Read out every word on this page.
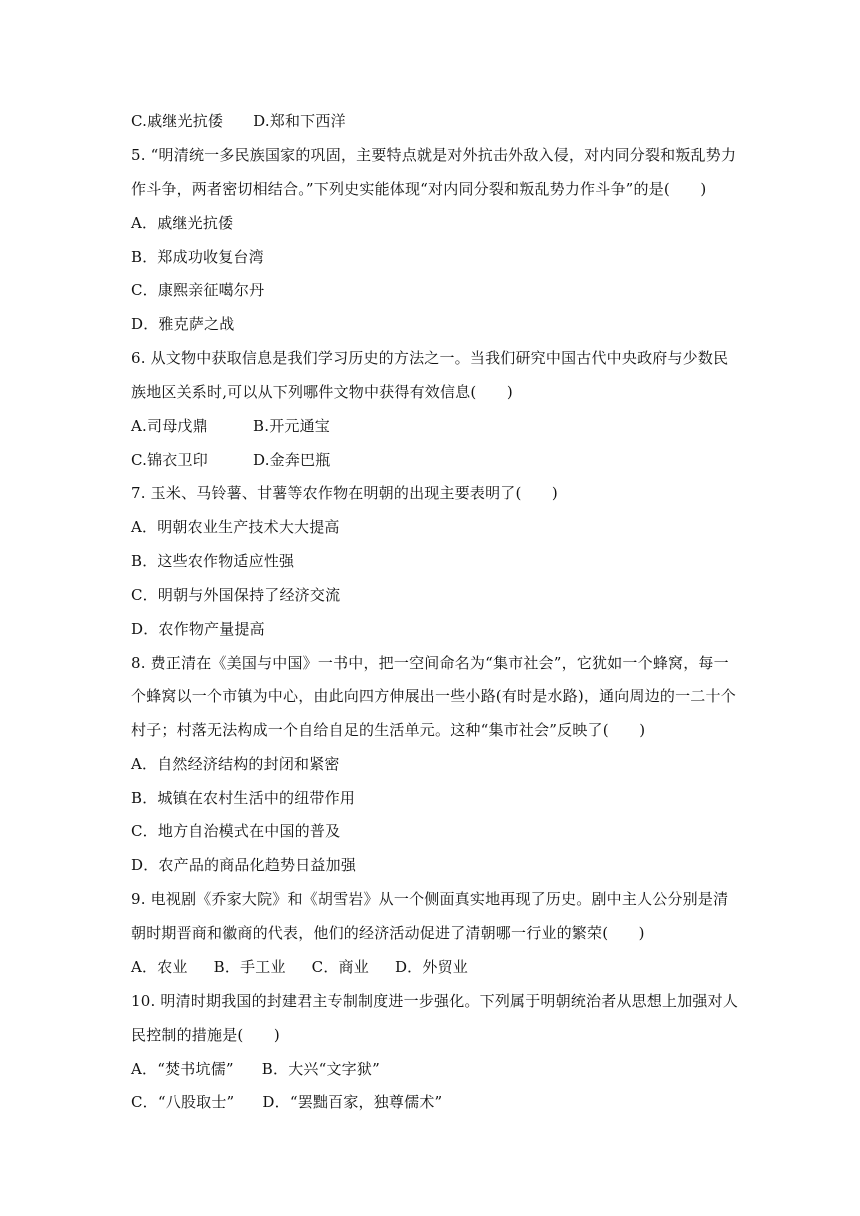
C.戚继光抗倭 D.郑和下西洋
5. “明清统一多民族国家的巩固，主要特点就是对外抗击外敌入侵，对内同分裂和叛乱势力
作斗争，两者密切相结合。”下列史实能体现“对内同分裂和叛乱势力作斗争”的是(　　)
A．戚继光抗倭
B．郑成功收复台湾
C．康熙亲征噶尔丹
D．雅克萨之战
6. 从文物中获取信息是我们学习历史的方法之一。当我们研究中国古代中央政府与少数民
族地区关系时,可以从下列哪件文物中获得有效信息(　　)
A.司母戊鼎	B.开元通宝
C.锦衣卫印	D.金奔巴瓶
7. 玉米、马铃薯、甘薯等农作物在明朝的出现主要表明了(　　)
A．明朝农业生产技术大大提高
B．这些农作物适应性强
C．明朝与外国保持了经济交流
D．农作物产量提高
8. 费正清在《美国与中国》一书中，把一空间命名为“集市社会”，它犹如一个蜂窝，每一
个蜂窝以一个市镇为中心，由此向四方伸展出一些小路(有时是水路)，通向周边的一二十个
村子；村落无法构成一个自给自足的生活单元。这种“集市社会”反映了(　　)
A．自然经济结构的封闭和紧密
B．城镇在农村生活中的纽带作用
C．地方自治模式在中国的普及
D．农产品的商品化趋势日益加强
9. 电视剧《乔家大院》和《胡雪岩》从一个侧面真实地再现了历史。剧中主人公分别是清
朝时期晋商和徽商的代表，他们的经济活动促进了清朝哪一行业的繁荣(　　)
A．农业 B．手工业 C．商业 D．外贸业
10. 明清时期我国的封建君主专制制度进一步强化。下列属于明朝统治者从思想上加强对人
民控制的措施是(　　)
A．“焚书坑儒” B．大兴“文字狱”
C．“八股取士” D．“罢黜百家，独尊儒术”
